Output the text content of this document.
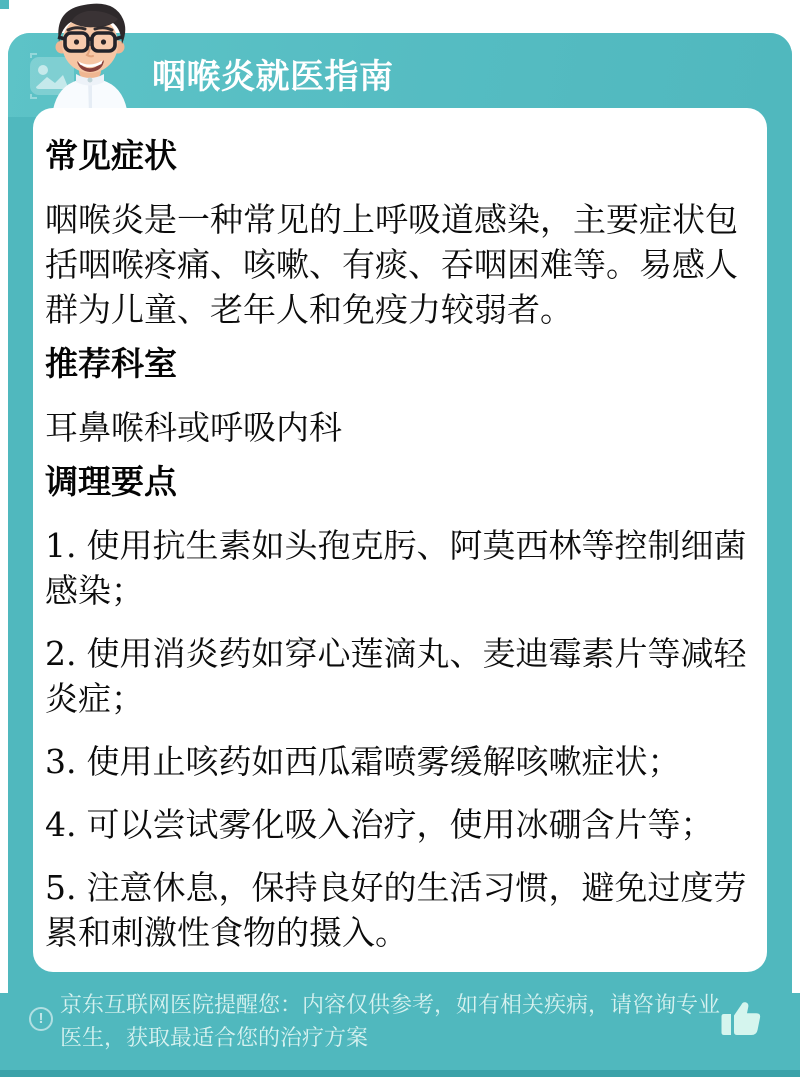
咽喉炎就医指南
常见症状

咽喉炎是一种常见的上呼吸道感染，主要症状包括咽喉疼痛、咳嗽、有痰、吞咽困难等。易感人群为儿童、老年人和免疫力较弱者。

推荐科室

耳鼻喉科或呼吸内科

调理要点
1. 使用抗生素如头孢克肟、阿莫西林等控制细菌感染；
2. 使用消炎药如穿心莲滴丸、麦迪霉素片等减轻炎症；
3. 使用止咳药如西瓜霜喷雾缓解咳嗽症状；
4. 可以尝试雾化吸入治疗，使用冰硼含片等；
5. 注意休息，保持良好的生活习惯，避免过度劳累和刺激性食物的摄入。
!
京东互联网医院提醒您：内容仅供参考，如有相关疾病，请咨询专业医生，获取最适合您的治疗方案
